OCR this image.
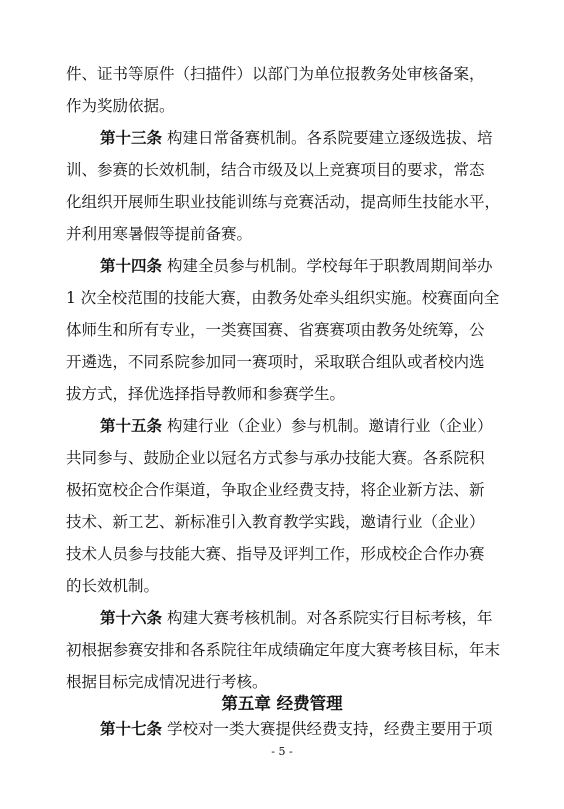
件、证书等原件（扫描件）以部门为单位报教务处审核备案，
作为奖励依据。
第十三条 构建日常备赛机制。各系院要建立逐级选拔、培
训、参赛的长效机制，结合市级及以上竞赛项目的要求，常态
化组织开展师生职业技能训练与竞赛活动，提高师生技能水平，
并利用寒暑假等提前备赛。
第十四条 构建全员参与机制。学校每年于职教周期间举办
1 次全校范围的技能大赛，由教务处牵头组织实施。校赛面向全
体师生和所有专业，一类赛国赛、省赛赛项由教务处统筹，公
开遴选，不同系院参加同一赛项时，采取联合组队或者校内选
拔方式，择优选择指导教师和参赛学生。
第十五条 构建行业（企业）参与机制。邀请行业（企业）
共同参与、鼓励企业以冠名方式参与承办技能大赛。各系院积
极拓宽校企合作渠道，争取企业经费支持，将企业新方法、新
技术、新工艺、新标准引入教育教学实践，邀请行业（企业）
技术人员参与技能大赛、指导及评判工作，形成校企合作办赛
的长效机制。
第十六条 构建大赛考核机制。对各系院实行目标考核，年
初根据参赛安排和各系院往年成绩确定年度大赛考核目标，年末
根据目标完成情况进行考核。
第五章 经费管理
第十七条 学校对一类大赛提供经费支持，经费主要用于项
- 5 -
